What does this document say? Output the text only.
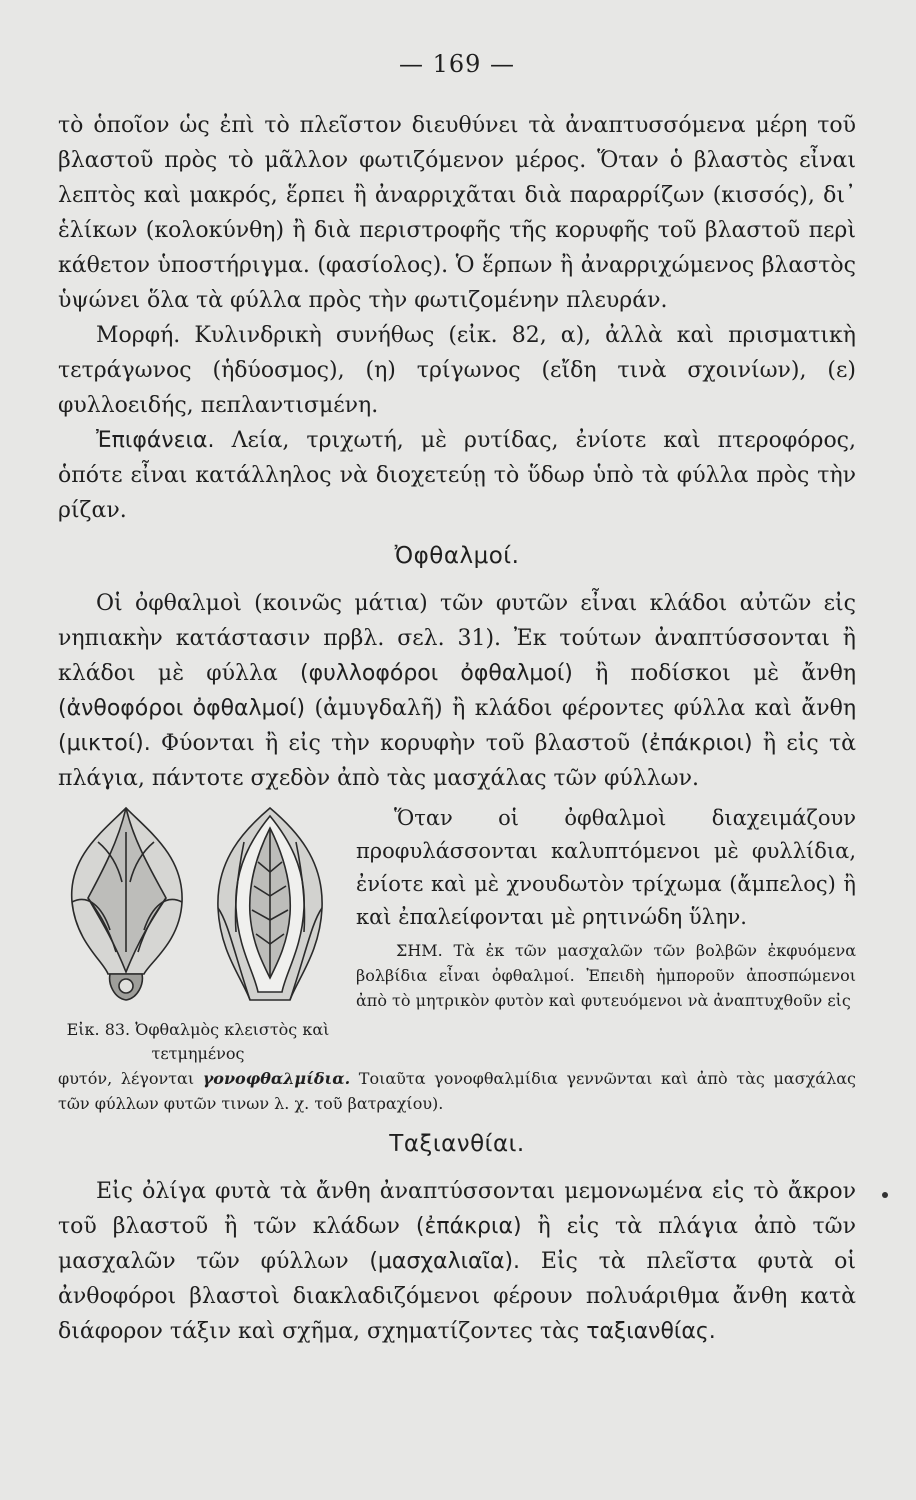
— 169 —

τὸ ὁποῖον ὡς ἐπὶ τὸ πλεῖστον διευθύνει τὰ ἀναπτυσσόμενα μέρη τοῦ βλαστοῦ πρὸς τὸ μᾶλλον φωτιζόμενον μέρος. Ὅταν ὁ βλαστὸς εἶναι λεπτὸς καὶ μακρός, ἕρπει ἢ ἀναρριχᾶται διὰ παραρρίζων (κισσός), δι᾽ ἑλίκων (κολοκύνθη) ἢ διὰ περιστροφῆς τῆς κορυφῆς τοῦ βλαστοῦ περὶ κάθετον ὑποστήριγμα. (φασίολος). Ὁ ἕρπων ἢ ἀναρριχώμενος βλαστὸς ὑψώνει ὅλα τὰ φύλλα πρὸς τὴν φωτιζομένην πλευράν.

Μορφή. Κυλινδρικὴ συνήθως (εἰκ. 82, α), ἀλλὰ καὶ πρισματικὴ τετράγωνος (ἡδύοσμος), (η) τρίγωνος (εἴδη τινὰ σχοινίων), (ε) φυλλοειδής, πεπλαντισμένη.

Ἐπιφάνεια. Λεία, τριχωτή, μὲ ρυτίδας, ἐνίοτε καὶ πτεροφόρος, ὁπότε εἶναι κατάλληλος νὰ διοχετεύῃ τὸ ὕδωρ ὑπὸ τὰ φύλλα πρὸς τὴν ρίζαν.

Ὀφθαλμοί.

Οἱ ὀφθαλμοὶ (κοινῶς μάτια) τῶν φυτῶν εἶναι κλάδοι αὐτῶν εἰς νηπιακὴν κατάστασιν πρβλ. σελ. 31). Ἐκ τούτων ἀναπτύσσονται ἢ κλάδοι μὲ φύλλα (φυλλοφόροι ὀφθαλμοί) ἢ ποδίσκοι μὲ ἄνθη (ἀνθοφόροι ὀφθαλμοί) (ἀμυγδαλῆ) ἢ κλάδοι φέροντες φύλλα καὶ ἄνθη (μικτοί). Φύονται ἢ εἰς τὴν κορυφὴν τοῦ βλαστοῦ (ἐπάκριοι) ἢ εἰς τὰ πλάγια, πάντοτε σχεδὸν ἀπὸ τὰς μασχάλας τῶν φύλλων.

Εἰκ. 83. Ὀφθαλμὸς κλειστὸς καὶ τετμημένος

Ὅταν οἱ ὀφθαλμοὶ διαχειμάζουν προφυλάσσονται καλυπτόμενοι μὲ φυλλίδια, ἐνίοτε καὶ μὲ χνουδωτὸν τρίχωμα (ἄμπελος) ἢ καὶ ἐπαλείφονται μὲ ρητινώδη ὕλην.

ΣΗΜ. Τὰ ἐκ τῶν μασχαλῶν τῶν βολβῶν ἐκφυόμενα βολβίδια εἶναι ὀφθαλμοί. Ἐπειδὴ ἠμποροῦν ἀποσπώμενοι ἀπὸ τὸ μητρικὸν φυτὸν καὶ φυτευόμενοι νὰ ἀναπτυχθοῦν εἰς

φυτόν, λέγονται γονοφθαλμίδια. Τοιαῦτα γονοφθαλμίδια γεννῶνται καὶ ἀπὸ τὰς μασχάλας τῶν φύλλων φυτῶν τινων λ. χ. τοῦ βατραχίου).

Ταξιανθίαι.

Εἰς ὀλίγα φυτὰ τὰ ἄνθη ἀναπτύσσονται μεμονωμένα εἰς τὸ ἄκρον τοῦ βλαστοῦ ἢ τῶν κλάδων (ἐπάκρια) ἢ εἰς τὰ πλάγια ἀπὸ τῶν μασχαλῶν τῶν φύλλων (μασχαλιαῖα). Εἰς τὰ πλεῖστα φυτὰ οἱ ἀνθοφόροι βλαστοὶ διακλαδιζόμενοι φέρουν πολυάριθμα ἄνθη κατὰ διάφορον τάξιν καὶ σχῆμα, σχηματίζοντες τὰς ταξιανθίας.
